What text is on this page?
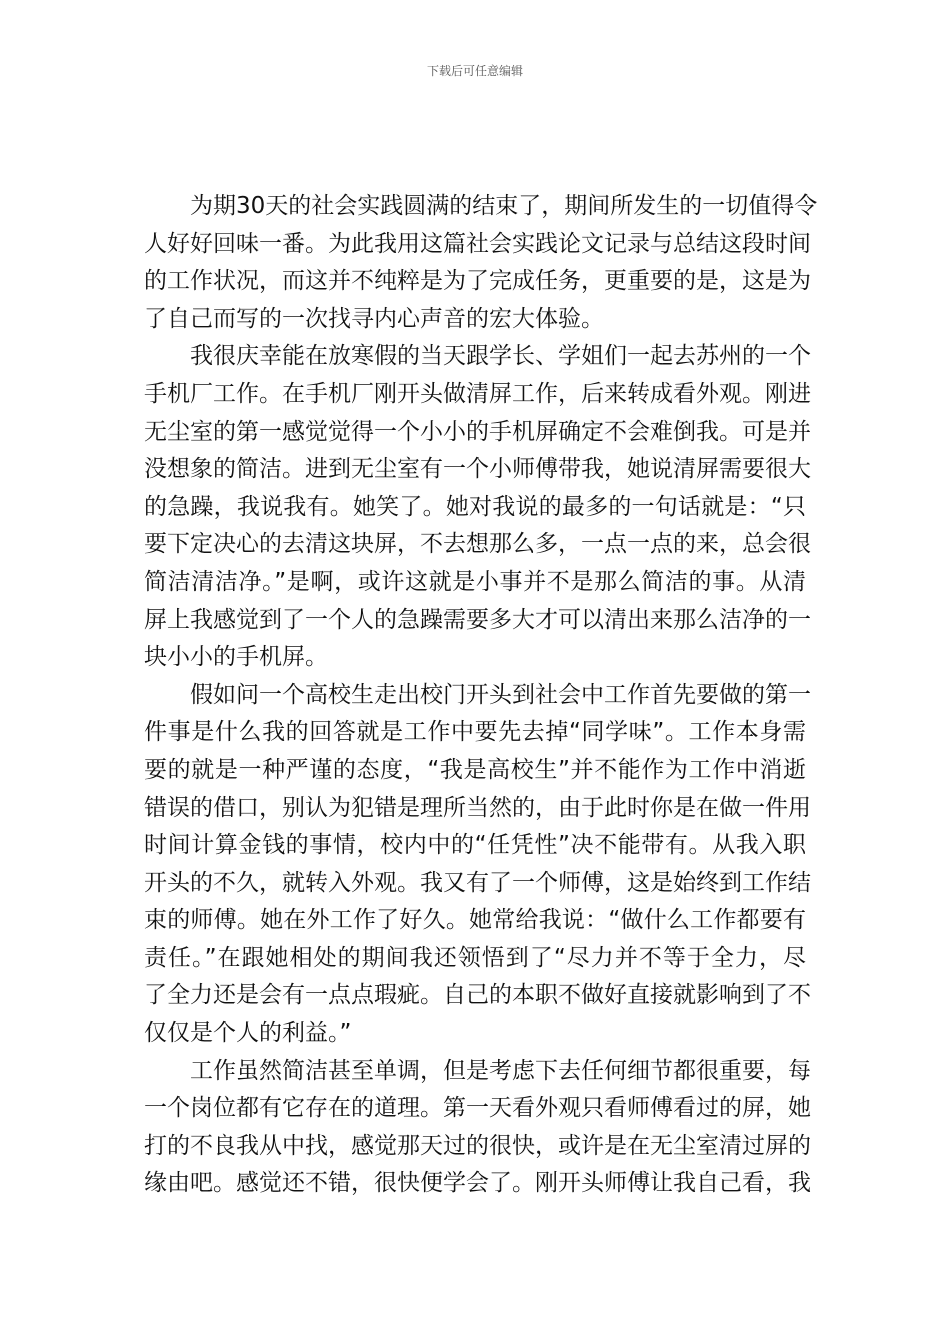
下载后可任意编辑
为期30天的社会实践圆满的结束了，期间所发生的一切值得令
人好好回味一番。为此我用这篇社会实践论文记录与总结这段时间
的工作状况，而这并不纯粹是为了完成任务，更重要的是，这是为
了自己而写的一次找寻内心声音的宏大体验。
我很庆幸能在放寒假的当天跟学长、学姐们一起去苏州的一个
手机厂工作。在手机厂刚开头做清屏工作，后来转成看外观。刚进
无尘室的第一感觉觉得一个小小的手机屏确定不会难倒我。可是并
没想象的简洁。进到无尘室有一个小师傅带我，她说清屏需要很大
的急躁，我说我有。她笑了。她对我说的最多的一句话就是：“只
要下定决心的去清这块屏，不去想那么多，一点一点的来，总会很
简洁清洁净。”是啊，或许这就是小事并不是那么简洁的事。从清
屏上我感觉到了一个人的急躁需要多大才可以清出来那么洁净的一
块小小的手机屏。
假如问一个高校生走出校门开头到社会中工作首先要做的第一
件事是什么我的回答就是工作中要先去掉“同学味”。工作本身需
要的就是一种严谨的态度，“我是高校生”并不能作为工作中消逝
错误的借口，别认为犯错是理所当然的，由于此时你是在做一件用
时间计算金钱的事情，校内中的“任凭性”决不能带有。从我入职
开头的不久，就转入外观。我又有了一个师傅，这是始终到工作结
束的师傅。她在外工作了好久。她常给我说：“做什么工作都要有
责任。”在跟她相处的期间我还领悟到了“尽力并不等于全力，尽
了全力还是会有一点点瑕疵。自己的本职不做好直接就影响到了不
仅仅是个人的利益。”
工作虽然简洁甚至单调，但是考虑下去任何细节都很重要，每
一个岗位都有它存在的道理。第一天看外观只看师傅看过的屏，她
打的不良我从中找，感觉那天过的很快，或许是在无尘室清过屏的
缘由吧。感觉还不错，很快便学会了。刚开头师傅让我自己看，我
